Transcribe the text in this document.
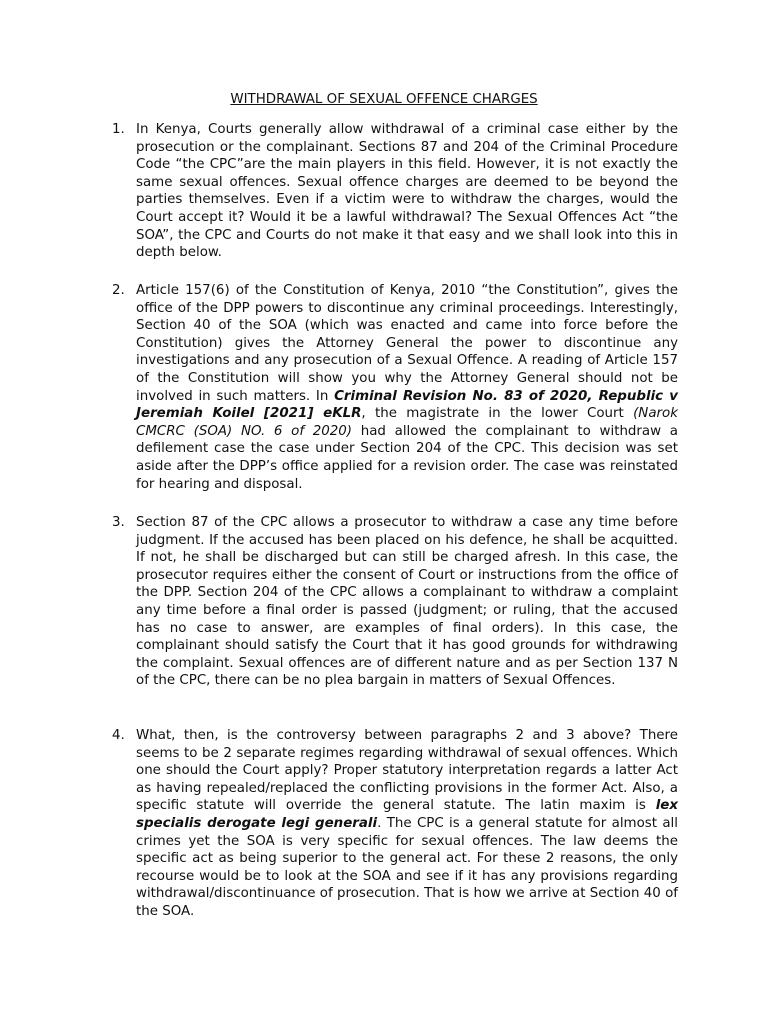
WITHDRAWAL OF SEXUAL OFFENCE CHARGES
1. In Kenya, Courts generally allow withdrawal of a criminal case either by the prosecution or the complainant. Sections 87 and 204 of the Criminal Procedure Code “the CPC”are the main players in this field. However, it is not exactly the same sexual offences. Sexual offence charges are deemed to be beyond the parties themselves. Even if a victim were to withdraw the charges, would the Court accept it? Would it be a lawful withdrawal? The Sexual Offences Act “the SOA”, the CPC and Courts do not make it that easy and we shall look into this in depth below.
2. Article 157(6) of the Constitution of Kenya, 2010 “the Constitution”, gives the office of the DPP powers to discontinue any criminal proceedings. Interestingly, Section 40 of the SOA (which was enacted and came into force before the Constitution) gives the Attorney General the power to discontinue any investigations and any prosecution of a Sexual Offence. A reading of Article 157 of the Constitution will show you why the Attorney General should not be involved in such matters. In Criminal Revision No. 83 of 2020, Republic v Jeremiah Koilel [2021] eKLR, the magistrate in the lower Court (Narok CMCRC (SOA) NO. 6 of 2020) had allowed the complainant to withdraw a defilement case the case under Section 204 of the CPC. This decision was set aside after the DPP’s office applied for a revision order. The case was reinstated for hearing and disposal.
3. Section 87 of the CPC allows a prosecutor to withdraw a case any time before judgment. If the accused has been placed on his defence, he shall be acquitted. If not, he shall be discharged but can still be charged afresh. In this case, the prosecutor requires either the consent of Court or instructions from the office of the DPP. Section 204 of the CPC allows a complainant to withdraw a complaint any time before a final order is passed (judgment; or ruling, that the accused has no case to answer, are examples of final orders). In this case, the complainant should satisfy the Court that it has good grounds for withdrawing the complaint. Sexual offences are of different nature and as per Section 137 N of the CPC, there can be no plea bargain in matters of Sexual Offences.
4. What, then, is the controversy between paragraphs 2 and 3 above? There seems to be 2 separate regimes regarding withdrawal of sexual offences. Which one should the Court apply? Proper statutory interpretation regards a latter Act as having repealed/replaced the conflicting provisions in the former Act. Also, a specific statute will override the general statute. The latin maxim is lex specialis derogate legi generali. The CPC is a general statute for almost all crimes yet the SOA is very specific for sexual offences. The law deems the specific act as being superior to the general act. For these 2 reasons, the only recourse would be to look at the SOA and see if it has any provisions regarding withdrawal/discontinuance of prosecution. That is how we arrive at Section 40 of the SOA.
